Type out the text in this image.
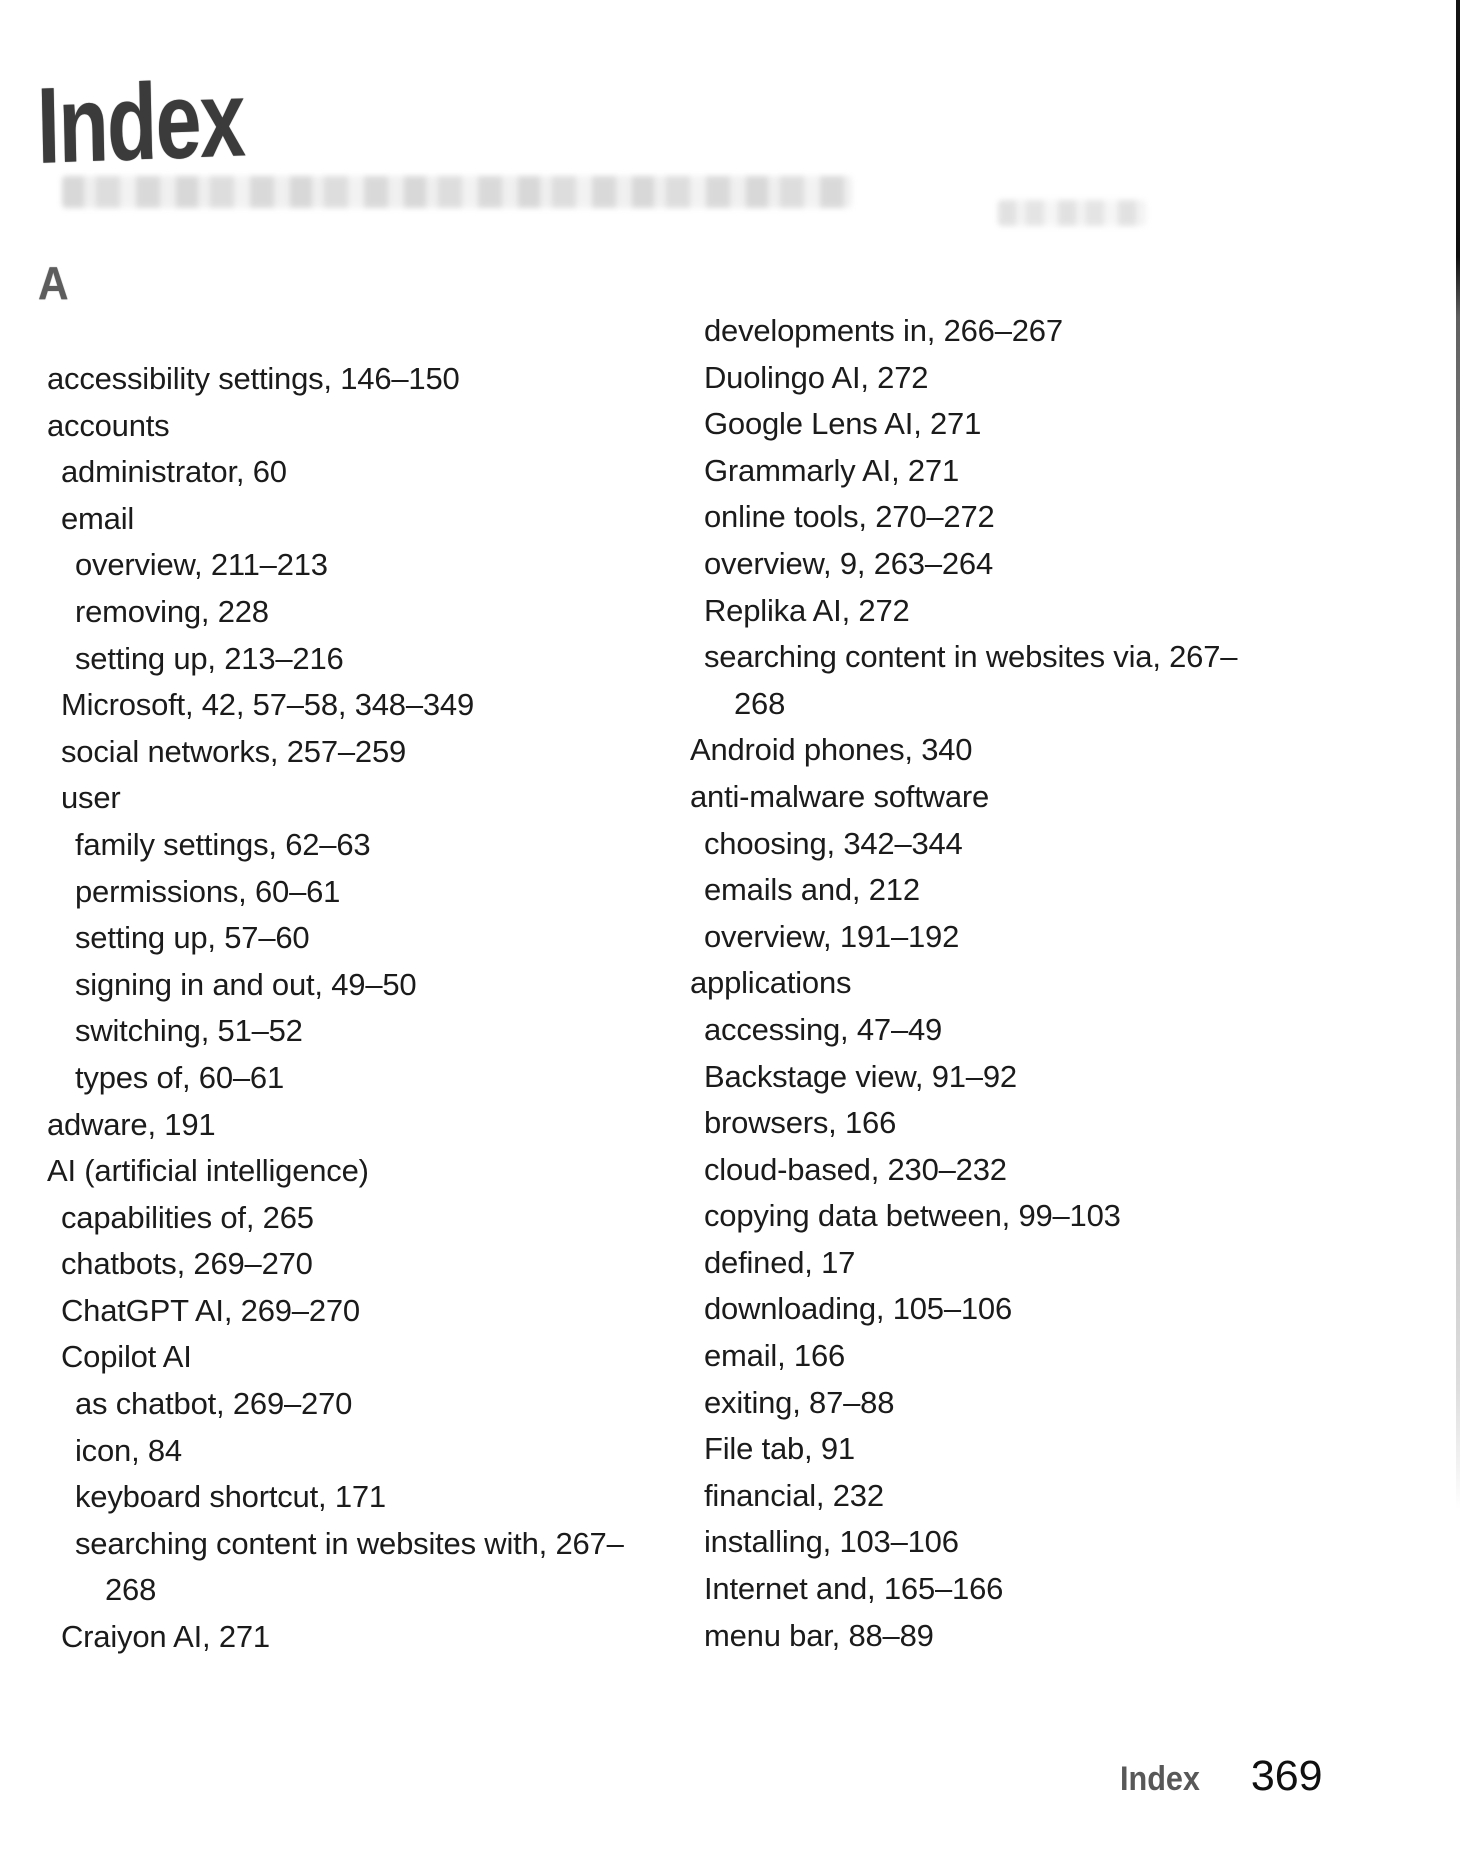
Index
A
accessibility settings, 146–150
accounts
administrator, 60
email
overview, 211–213
removing, 228
setting up, 213–216
Microsoft, 42, 57–58, 348–349
social networks, 257–259
user
family settings, 62–63
permissions, 60–61
setting up, 57–60
signing in and out, 49–50
switching, 51–52
types of, 60–61
adware, 191
AI (artificial intelligence)
capabilities of, 265
chatbots, 269–270
ChatGPT AI, 269–270
Copilot AI
as chatbot, 269–270
icon, 84
keyboard shortcut, 171
searching content in websites with, 267–268
Craiyon AI, 271
developments in, 266–267
Duolingo AI, 272
Google Lens AI, 271
Grammarly AI, 271
online tools, 270–272
overview, 9, 263–264
Replika AI, 272
searching content in websites via, 267–268
Android phones, 340
anti-malware software
choosing, 342–344
emails and, 212
overview, 191–192
applications
accessing, 47–49
Backstage view, 91–92
browsers, 166
cloud-based, 230–232
copying data between, 99–103
defined, 17
downloading, 105–106
email, 166
exiting, 87–88
File tab, 91
financial, 232
installing, 103–106
Internet and, 165–166
menu bar, 88–89
Index 369
